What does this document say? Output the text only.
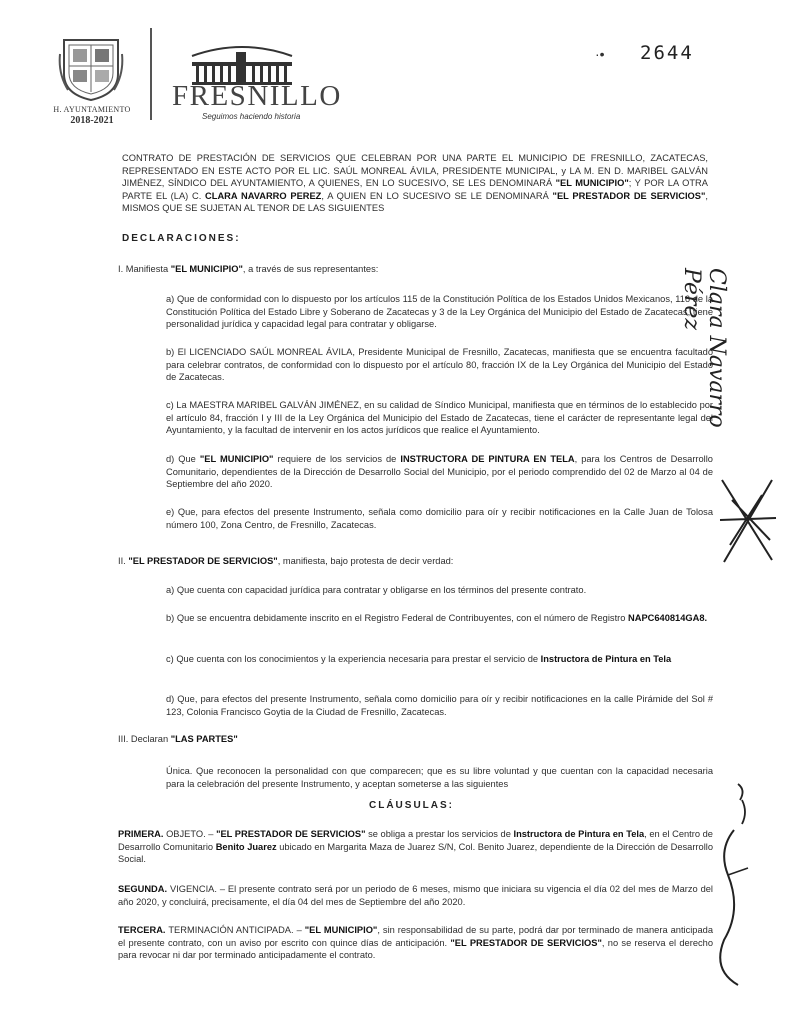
H. AYUNTAMIENTO
2018-2021
FRESNILLO
Seguimos haciendo historia
·• 2644
CONTRATO DE PRESTACIÓN DE SERVICIOS QUE CELEBRAN POR UNA PARTE EL MUNICIPIO DE FRESNILLO, ZACATECAS, REPRESENTADO EN ESTE ACTO POR EL LIC. SAÚL MONREAL ÁVILA, PRESIDENTE MUNICIPAL, y LA M. EN D. MARIBEL GALVÁN JIMÉNEZ, SÍNDICO DEL AYUNTAMIENTO, A QUIENES, EN LO SUCESIVO, SE LES DENOMINARÁ "EL MUNICIPIO"; Y POR LA OTRA PARTE EL (LA) C. CLARA NAVARRO PEREZ, A QUIEN EN LO SUCESIVO SE LE DENOMINARÁ "EL PRESTADOR DE SERVICIOS", MISMOS QUE SE SUJETAN AL TENOR DE LAS SIGUIENTES
DECLARACIONES:
I. Manifiesta "EL MUNICIPIO", a través de sus representantes:
a) Que de conformidad con lo dispuesto por los artículos 115 de la Constitución Política de los Estados Unidos Mexicanos, 116 de la Constitución Política del Estado Libre y Soberano de Zacatecas y 3 de la Ley Orgánica del Municipio del Estado de Zacatecas, tiene personalidad jurídica y capacidad legal para contratar y obligarse.
b) El LICENCIADO SAÚL MONREAL ÁVILA, Presidente Municipal de Fresnillo, Zacatecas, manifiesta que se encuentra facultado para celebrar contratos, de conformidad con lo dispuesto por el artículo 80, fracción IX de la Ley Orgánica del Municipio del Estado de Zacatecas.
c) La MAESTRA MARIBEL GALVÁN JIMÉNEZ, en su calidad de Síndico Municipal, manifiesta que en términos de lo establecido por el artículo 84, fracción I y III de la Ley Orgánica del Municipio del Estado de Zacatecas, tiene el carácter de representante legal del Ayuntamiento, y la facultad de intervenir en los actos jurídicos que realice el Ayuntamiento.
d) Que "EL MUNICIPIO" requiere de los servicios de INSTRUCTORA DE PINTURA EN TELA, para los Centros de Desarrollo Comunitario, dependientes de la Dirección de Desarrollo Social del Municipio, por el periodo comprendido del 02 de Marzo al 04 de Septiembre del año 2020.
e) Que, para efectos del presente Instrumento, señala como domicilio para oír y recibir notificaciones en la Calle Juan de Tolosa número 100, Zona Centro, de Fresnillo, Zacatecas.
II. "EL PRESTADOR DE SERVICIOS", manifiesta, bajo protesta de decir verdad:
a) Que cuenta con capacidad jurídica para contratar y obligarse en los términos del presente contrato.
b) Que se encuentra debidamente inscrito en el Registro Federal de Contribuyentes, con el número de Registro NAPC640814GA8.
c) Que cuenta con los conocimientos y la experiencia necesaria para prestar el servicio de Instructora de Pintura en Tela
d) Que, para efectos del presente Instrumento, señala como domicilio para oír y recibir notificaciones en la calle Pirámide del Sol # 123, Colonia Francisco Goytia de la Ciudad de Fresnillo, Zacatecas.
III. Declaran "LAS PARTES"
Única. Que reconocen la personalidad con que comparecen; que es su libre voluntad y que cuentan con la capacidad necesaria para la celebración del presente Instrumento, y aceptan someterse a las siguientes
CLÁUSULAS:
PRIMERA. OBJETO. – "EL PRESTADOR DE SERVICIOS" se obliga a prestar los servicios de Instructora de Pintura en Tela, en el Centro de Desarrollo Comunitario Benito Juarez ubicado en Margarita Maza de Juarez S/N, Col. Benito Juarez, dependiente de la Dirección de Desarrollo Social.
SEGUNDA. VIGENCIA. – El presente contrato será por un periodo de 6 meses, mismo que iniciara su vigencia el día 02 del mes de Marzo del año 2020, y concluirá, precisamente, el día 04 del mes de Septiembre del año 2020.
TERCERA. TERMINACIÓN ANTICIPADA. – "EL MUNICIPIO", sin responsabilidad de su parte, podrá dar por terminado de manera anticipada el presente contrato, con un aviso por escrito con quince días de anticipación. "EL PRESTADOR DE SERVICIOS", no se reserva el derecho para revocar ni dar por terminado anticipadamente el contrato.
Clara Navarro Pérez
